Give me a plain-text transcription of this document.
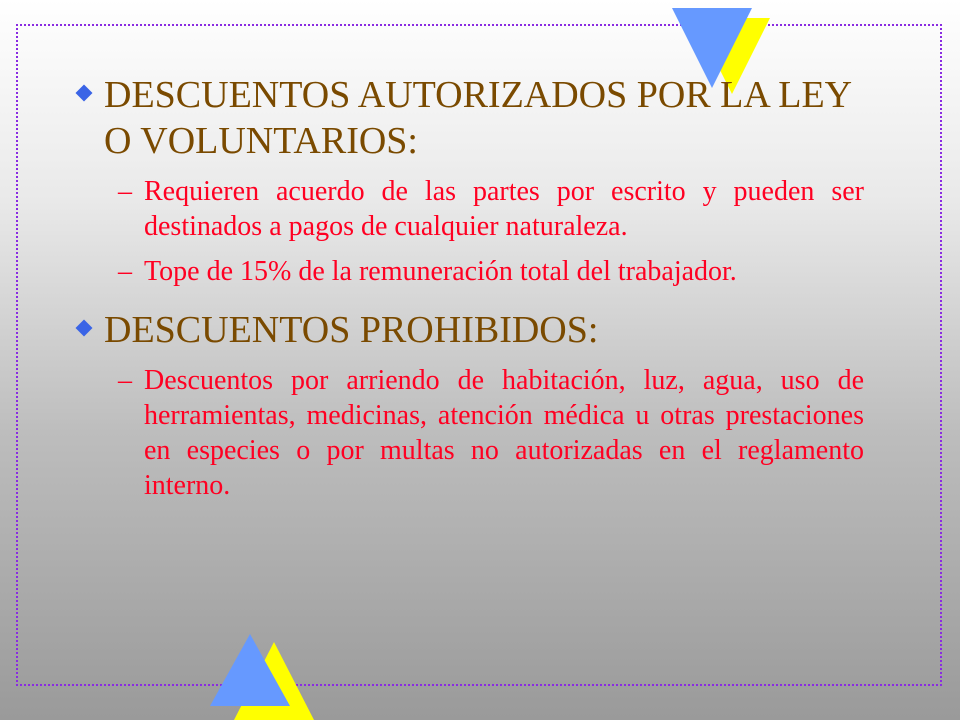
DESCUENTOS AUTORIZADOS POR LA LEY O VOLUNTARIOS:
– Requieren acuerdo de las partes por escrito y pueden ser destinados a pagos de cualquier naturaleza.
– Tope de 15% de la remuneración total del trabajador.
DESCUENTOS PROHIBIDOS:
– Descuentos por arriendo de habitación, luz, agua, uso de herramientas, medicinas, atención médica u otras prestaciones en especies o por multas no autorizadas en el reglamento interno.
